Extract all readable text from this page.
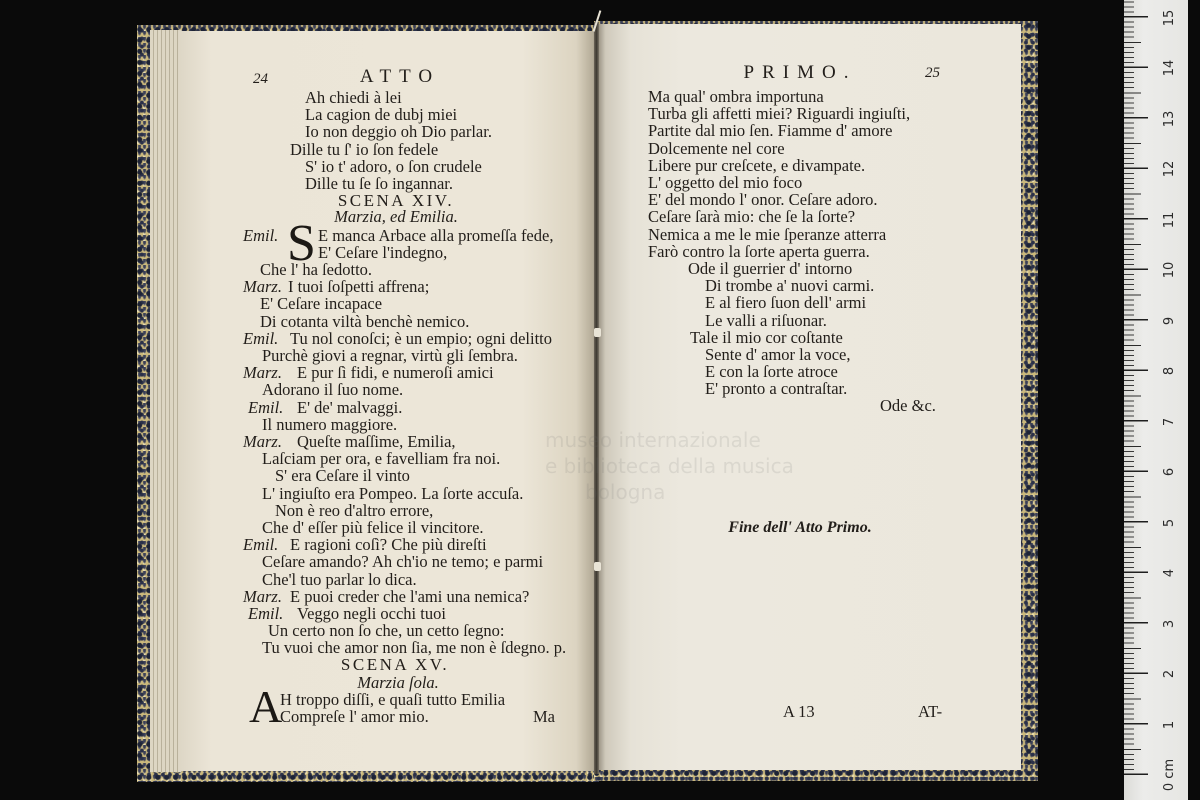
museo internazionale
e biblioteca della musica
bologna
24	ATTO
Ah chiedi à lei
La cagion de dubj miei
Io non deggio oh Dio parlar.
Dille tu ſ' io ſon fedele
S' io t' adoro, o ſon crudele
Dille tu ſe ſo ingannar.
SCENA XIV.
Marzia, ed Emilia.
S
Emil. E manca Arbace alla promeſſa fede,
E' Ceſare l'indegno,
Che l' ha ſedotto.
Marz. I tuoi ſoſpetti affrena;
E' Ceſare incapace
Di cotanta viltà benchè nemico.
Emil. Tu nol conoſci; è un empio; ogni delitto
Purchè giovi a regnar, virtù gli ſembra.
Marz. E pur ſì fidi, e numeroſi amici
Adorano il ſuo nome.
Emil. E' de' malvaggi.
Il numero maggiore.
Marz. Queſte maſſime, Emilia,
Laſciam per ora, e favelliam fra noi.
S' era Ceſare il vinto
L' ingiuſto era Pompeo. La ſorte accuſa.
Non è reo d'altro errore,
Che d' eſſer più felice il vincitore.
Emil. E ragioni coſì? Che più direſti
Ceſare amando? Ah ch'io ne temo; e parmi
Che'l tuo parlar lo dica.
Marz. E puoi creder che l'ami una nemica?
Emil. Veggo negli occhi tuoi
Un certo non ſo che, un cetto ſegno:
Tu vuoi che amor non ſia, me non è ſdegno. p.
SCENA XV.
Marzia ſola.
A
H troppo diſſi, e quaſi tutto Emilia
Compreſe l' amor mio.	Ma
PRIMO.	25
Ma qual' ombra importuna
Turba gli affetti miei? Riguardi ingiuſti,
Partite dal mio ſen. Fiamme d' amore
Dolcemente nel core
Libere pur creſcete, e divampate.
L' oggetto del mio foco
E' del mondo l' onor. Ceſare adoro.
Ceſare ſarà mio: che ſe la ſorte?
Nemica a me le mie ſperanze atterra
Farò contro la ſorte aperta guerra.
Ode il guerrier d' intorno
Di trombe a' nuovi carmi.
E al fiero ſuon dell' armi
Le valli a riſuonar.
Tale il mio cor coſtante
Sente d' amor la voce,
E con la ſorte atroce
E' pronto a contraſtar.
Ode &c.
Fine dell' Atto Primo.
A 13	AT-
0 cm
1
2
3
4
5
6
7
8
9
10
11
12
13
14
15
